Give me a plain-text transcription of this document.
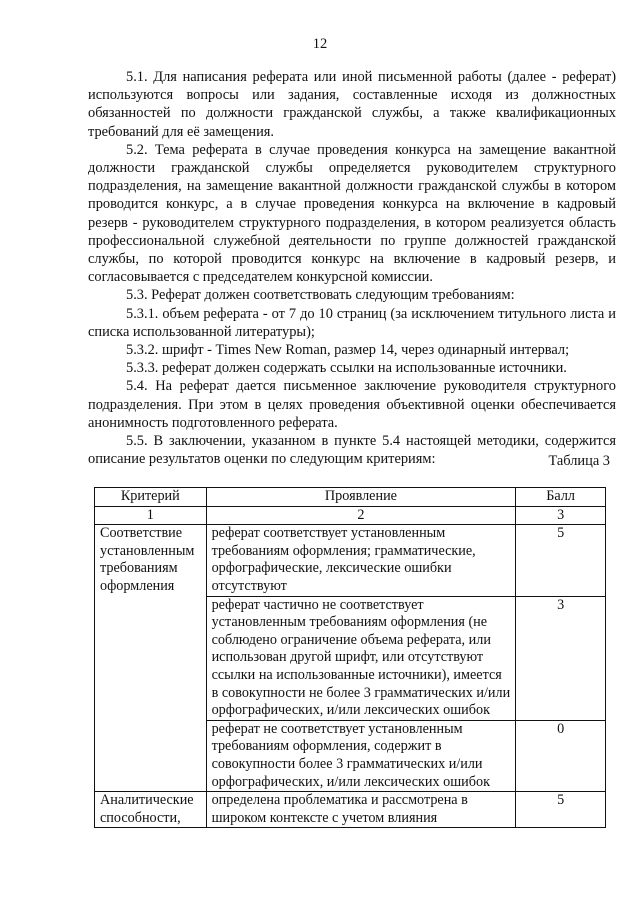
12

5.1. Для написания реферата или иной письменной работы (далее - реферат) используются вопросы или задания, составленные исходя из должностных обязанностей по должности гражданской службы, а также квалификационных требований для её замещения.

5.2. Тема реферата в случае проведения конкурса на замещение вакантной должности гражданской службы определяется руководителем структурного подразделения, на замещение вакантной должности гражданской службы в котором проводится конкурс, а в случае проведения конкурса на включение в кадровый резерв - руководителем структурного подразделения, в котором реализуется область профессиональной служебной деятельности по группе должностей гражданской службы, по которой проводится конкурс на включение в кадровый резерв, и согласовывается с председателем конкурсной комиссии.

5.3. Реферат должен соответствовать следующим требованиям:

5.3.1. объем реферата - от 7 до 10 страниц (за исключением титульного листа и списка использованной литературы);

5.3.2. шрифт - Times New Roman, размер 14, через одинарный интервал;

5.3.3. реферат должен содержать ссылки на использованные источники.

5.4. На реферат дается письменное заключение руководителя структурного подразделения. При этом в целях проведения объективной оценки обеспечивается анонимность подготовленного реферата.

5.5. В заключении, указанном в пункте 5.4 настоящей методики, содержится описание результатов оценки по следующим критериям:	Таблица 3
Критерий	Проявление	Балл
1	2	3
Соответствие установленным требованиям оформления	реферат соответствует установленным требованиям оформления; грамматические, орфографические, лексические ошибки отсутствуют	5
	реферат частично не соответствует установленным требованиям оформления (не соблюдено ограничение объема реферата, или использован другой шрифт, или отсутствуют ссылки на использованные источники), имеется в совокупности не более 3 грамматических и/или орфографических, и/или лексических ошибок	3
	реферат не соответствует установленным требованиям оформления, содержит в совокупности более 3 грамматических и/или орфографических, и/или лексических ошибок	0
Аналитические способности,	определена проблематика и рассмотрена в широком контексте с учетом влияния	5
